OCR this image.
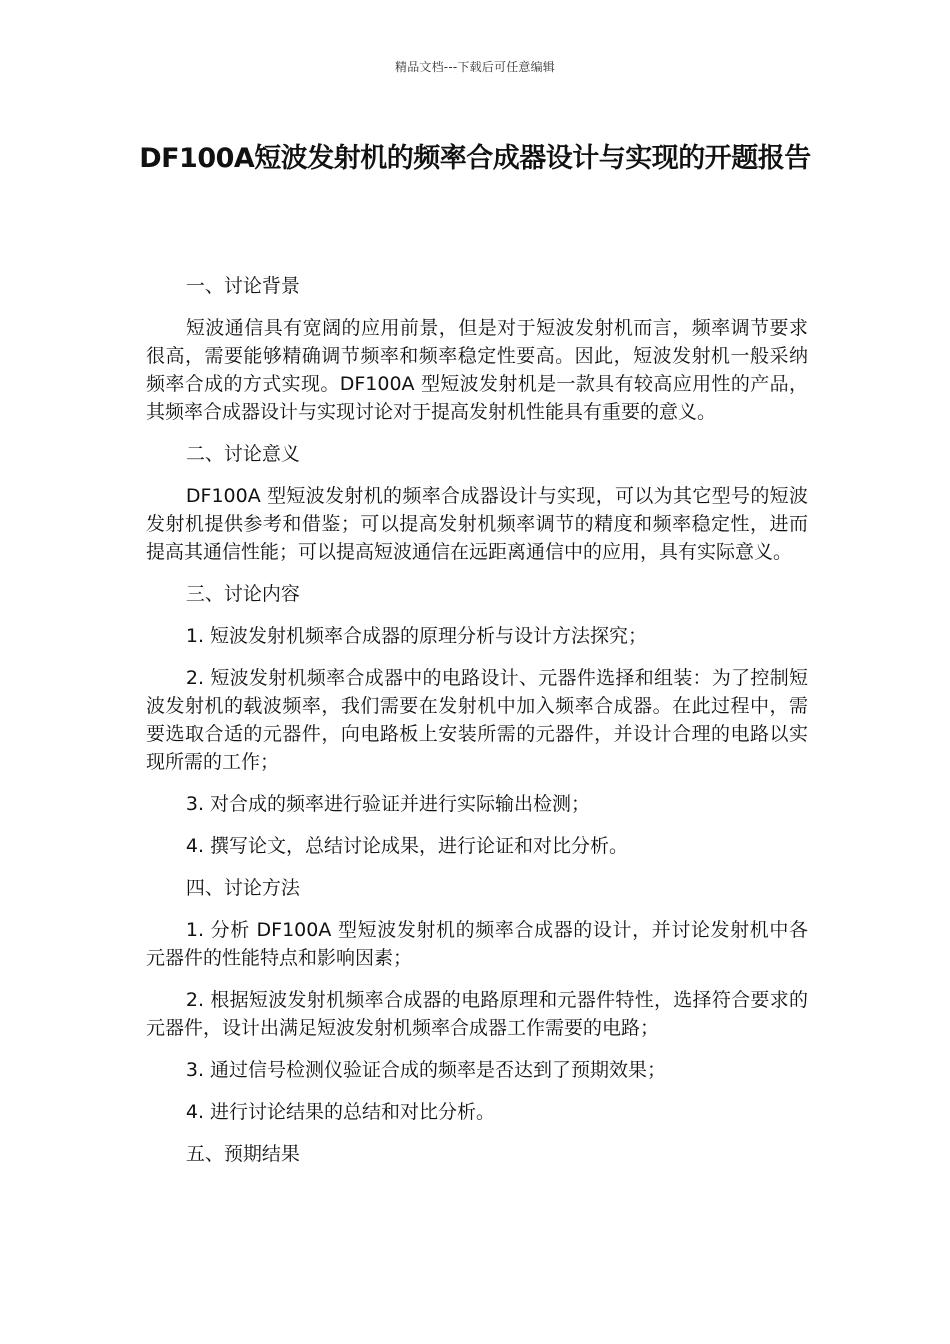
精品文档---下载后可任意编辑
DF100A短波发射机的频率合成器设计与实现的开题报告

一、讨论背景

短波通信具有宽阔的应用前景，但是对于短波发射机而言，频率调节要求很高，需要能够精确调节频率和频率稳定性要高。因此，短波发射机一般采纳频率合成的方式实现。DF100A 型短波发射机是一款具有较高应用性的产品，其频率合成器设计与实现讨论对于提高发射机性能具有重要的意义。

二、讨论意义

DF100A 型短波发射机的频率合成器设计与实现，可以为其它型号的短波发射机提供参考和借鉴；可以提高发射机频率调节的精度和频率稳定性，进而提高其通信性能；可以提高短波通信在远距离通信中的应用，具有实际意义。

三、讨论内容

1. 短波发射机频率合成器的原理分析与设计方法探究；

2. 短波发射机频率合成器中的电路设计、元器件选择和组装：为了控制短波发射机的载波频率，我们需要在发射机中加入频率合成器。在此过程中，需要选取合适的元器件，向电路板上安装所需的元器件，并设计合理的电路以实现所需的工作；

3. 对合成的频率进行验证并进行实际输出检测；

4. 撰写论文，总结讨论成果，进行论证和对比分析。

四、讨论方法

1. 分析 DF100A 型短波发射机的频率合成器的设计，并讨论发射机中各元器件的性能特点和影响因素；

2. 根据短波发射机频率合成器的电路原理和元器件特性，选择符合要求的元器件，设计出满足短波发射机频率合成器工作需要的电路；

3. 通过信号检测仪验证合成的频率是否达到了预期效果；

4. 进行讨论结果的总结和对比分析。

五、预期结果
